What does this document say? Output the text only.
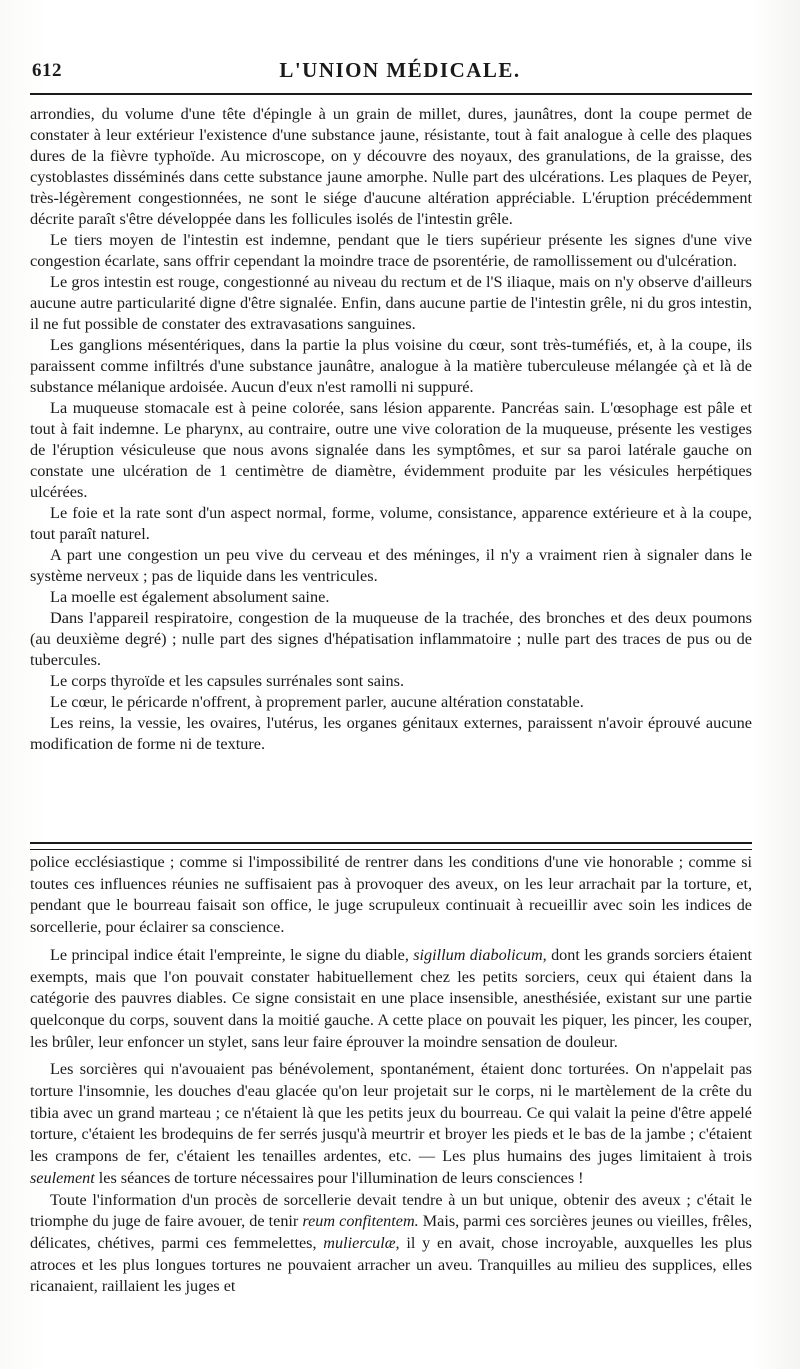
612	L'UNION MÉDICALE.

arrondies, du volume d'une tête d'épingle à un grain de millet, dures, jaunâtres, dont la coupe permet de constater à leur extérieur l'existence d'une substance jaune, résistante, tout à fait analogue à celle des plaques dures de la fièvre typhoïde. Au microscope, on y découvre des noyaux, des granulations, de la graisse, des cystoblastes disséminés dans cette substance jaune amorphe. Nulle part des ulcérations. Les plaques de Peyer, très-légèrement congestionnées, ne sont le siége d'aucune altération appréciable. L'éruption précédemment décrite paraît s'être développée dans les follicules isolés de l'intestin grêle.

Le tiers moyen de l'intestin est indemne, pendant que le tiers supérieur présente les signes d'une vive congestion écarlate, sans offrir cependant la moindre trace de psorentérie, de ramollissement ou d'ulcération.

Le gros intestin est rouge, congestionné au niveau du rectum et de l'S iliaque, mais on n'y observe d'ailleurs aucune autre particularité digne d'être signalée. Enfin, dans aucune partie de l'intestin grêle, ni du gros intestin, il ne fut possible de constater des extravasations sanguines.

Les ganglions mésentériques, dans la partie la plus voisine du cœur, sont très-tuméfiés, et, à la coupe, ils paraissent comme infiltrés d'une substance jaunâtre, analogue à la matière tuberculeuse mélangée çà et là de substance mélanique ardoisée. Aucun d'eux n'est ramolli ni suppuré.

La muqueuse stomacale est à peine colorée, sans lésion apparente. Pancréas sain. L'œsophage est pâle et tout à fait indemne. Le pharynx, au contraire, outre une vive coloration de la muqueuse, présente les vestiges de l'éruption vésiculeuse que nous avons signalée dans les symptômes, et sur sa paroi latérale gauche on constate une ulcération de 1 centimètre de diamètre, évidemment produite par les vésicules herpétiques ulcérées.

Le foie et la rate sont d'un aspect normal, forme, volume, consistance, apparence extérieure et à la coupe, tout paraît naturel.

A part une congestion un peu vive du cerveau et des méninges, il n'y a vraiment rien à signaler dans le système nerveux ; pas de liquide dans les ventricules.

La moelle est également absolument saine.

Dans l'appareil respiratoire, congestion de la muqueuse de la trachée, des bronches et des deux poumons (au deuxième degré) ; nulle part des signes d'hépatisation inflammatoire ; nulle part des traces de pus ou de tubercules.

Le corps thyroïde et les capsules surrénales sont sains.

Le cœur, le péricarde n'offrent, à proprement parler, aucune altération constatable.

Les reins, la vessie, les ovaires, l'utérus, les organes génitaux externes, paraissent n'avoir éprouvé aucune modification de forme ni de texture.

police ecclésiastique ; comme si l'impossibilité de rentrer dans les conditions d'une vie honorable ; comme si toutes ces influences réunies ne suffisaient pas à provoquer des aveux, on les leur arrachait par la torture, et, pendant que le bourreau faisait son office, le juge scrupuleux continuait à recueillir avec soin les indices de sorcellerie, pour éclairer sa conscience.

Le principal indice était l'empreinte, le signe du diable, sigillum diabolicum, dont les grands sorciers étaient exempts, mais que l'on pouvait constater habituellement chez les petits sorciers, ceux qui étaient dans la catégorie des pauvres diables. Ce signe consistait en une place insensible, anesthésiée, existant sur une partie quelconque du corps, souvent dans la moitié gauche. A cette place on pouvait les piquer, les pincer, les couper, les brûler, leur enfoncer un stylet, sans leur faire éprouver la moindre sensation de douleur.

Les sorcières qui n'avouaient pas bénévolement, spontanément, étaient donc torturées. On n'appelait pas torture l'insomnie, les douches d'eau glacée qu'on leur projetait sur le corps, ni le martèlement de la crête du tibia avec un grand marteau ; ce n'étaient là que les petits jeux du bourreau. Ce qui valait la peine d'être appelé torture, c'étaient les brodequins de fer serrés jusqu'à meurtrir et broyer les pieds et le bas de la jambe ; c'étaient les crampons de fer, c'étaient les tenailles ardentes, etc. — Les plus humains des juges limitaient à trois seulement les séances de torture nécessaires pour l'illumination de leurs consciences !

Toute l'information d'un procès de sorcellerie devait tendre à un but unique, obtenir des aveux ; c'était le triomphe du juge de faire avouer, de tenir reum confitentem. Mais, parmi ces sorcières jeunes ou vieilles, frêles, délicates, chétives, parmi ces femmelettes, mulierculæ, il y en avait, chose incroyable, auxquelles les plus atroces et les plus longues tortures ne pouvaient arracher un aveu. Tranquilles au milieu des supplices, elles ricanaient, raillaient les juges et
